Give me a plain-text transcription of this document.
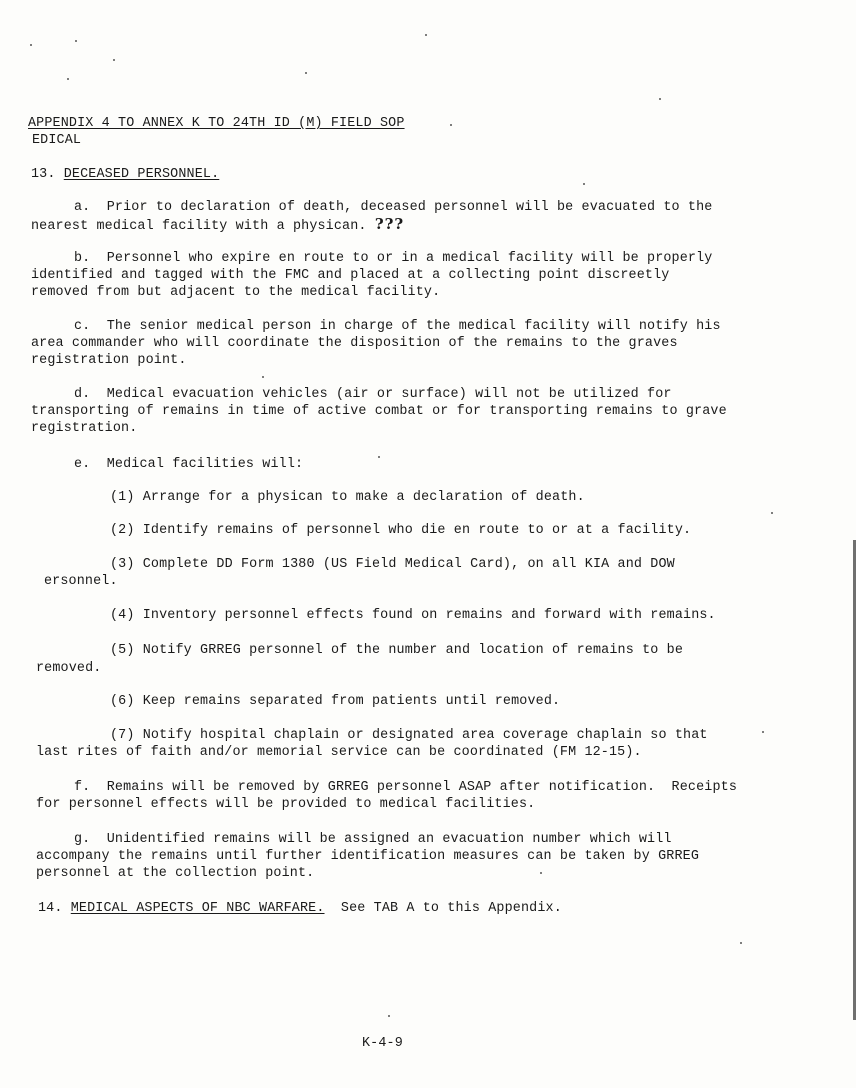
APPENDIX 4 TO ANNEX K TO 24TH ID (M) FIELD SOP
EDICAL
13. DECEASED PERSONNEL.
a. Prior to declaration of death, deceased personnel will be evacuated to the
nearest medical facility with a physican. ???
b. Personnel who expire en route to or in a medical facility will be properly
identified and tagged with the FMC and placed at a collecting point discreetly
removed from but adjacent to the medical facility.
c. The senior medical person in charge of the medical facility will notify his
area commander who will coordinate the disposition of the remains to the graves
registration point.
d. Medical evacuation vehicles (air or surface) will not be utilized for
transporting of remains in time of active combat or for transporting remains to grave
registration.
e. Medical facilities will:
(1) Arrange for a physican to make a declaration of death.
(2) Identify remains of personnel who die en route to or at a facility.
(3) Complete DD Form 1380 (US Field Medical Card), on all KIA and DOW
ersonnel.
(4) Inventory personnel effects found on remains and forward with remains.
(5) Notify GRREG personnel of the number and location of remains to be
removed.
(6) Keep remains separated from patients until removed.
(7) Notify hospital chaplain or designated area coverage chaplain so that
last rites of faith and/or memorial service can be coordinated (FM 12-15).
f. Remains will be removed by GRREG personnel ASAP after notification.  Receipts
for personnel effects will be provided to medical facilities.
g. Unidentified remains will be assigned an evacuation number which will
accompany the remains until further identification measures can be taken by GRREG
personnel at the collection point.
14. MEDICAL ASPECTS OF NBC WARFARE. See TAB A to this Appendix.
K-4-9
